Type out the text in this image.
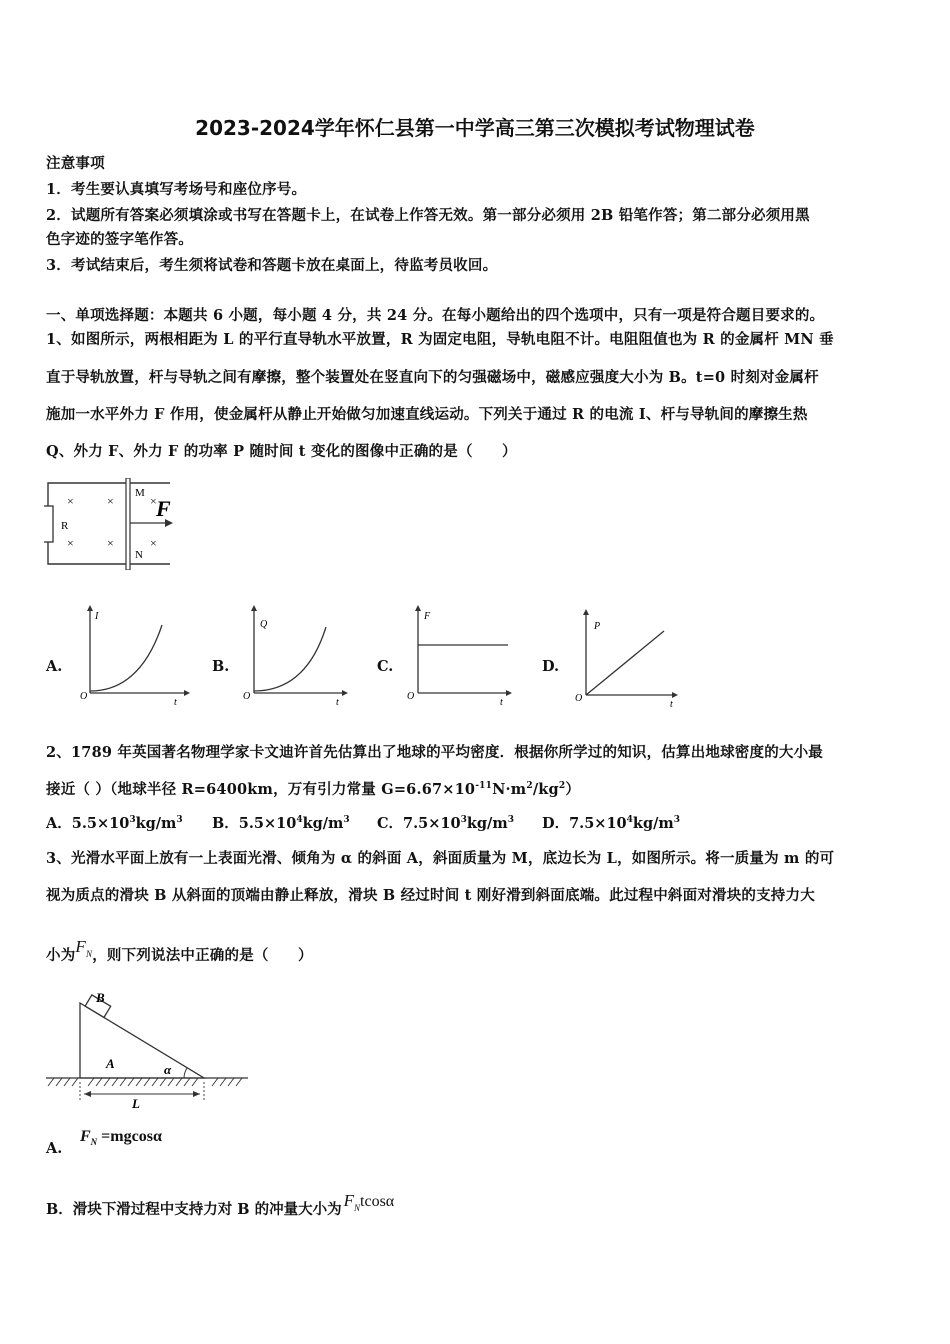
2023-2024学年怀仁县第一中学高三第三次模拟考试物理试卷
注意事项
1．考生要认真填写考场号和座位序号。
2．试题所有答案必须填涂或书写在答题卡上，在试卷上作答无效。第一部分必须用 2B 铅笔作答；第二部分必须用黑
色字迹的签字笔作答。
3．考试结束后，考生须将试卷和答题卡放在桌面上，待监考员收回。
一、单项选择题：本题共 6 小题，每小题 4 分，共 24 分。在每小题给出的四个选项中，只有一项是符合题目要求的。
1、如图所示，两根相距为 L 的平行直导轨水平放置，R 为固定电阻，导轨电阻不计。电阻阻值也为 R 的金属杆 MN 垂
直于导轨放置，杆与导轨之间有摩擦，整个装置处在竖直向下的匀强磁场中，磁感应强度大小为 B。t=0 时刻对金属杆
施加一水平外力 F 作用，使金属杆从静止开始做匀加速直线运动。下列关于通过 R 的电流 I、杆与导轨间的摩擦生热
Q、外力 F、外力 F 的功率 P 随时间 t 变化的图像中正确的是（　　）
R
×	×
×	×
×
×
M
N
F
A.
I
O
t
B.
Q
O
t
C.
F
O
t
D.
P
O
t
2、1789 年英国著名物理学家卡文迪许首先估算出了地球的平均密度．根据你所学过的知识，估算出地球密度的大小最
接近（ ）（地球半径 R=6400km，万有引力常量 $G=6.67\times 10^{-11}N\cdot m^2/kg^2$）
A．$5.5\times 10^3kg/m^3$ B．$5.5\times 10^4kg/m^3$ C．$7.5\times 10^3kg/m^3$ D．$7.5\times 10^4kg/m^3$
3、光滑水平面上放有一上表面光滑、倾角为 α 的斜面 A，斜面质量为 M，底边长为 L，如图所示。将一质量为 m 的可
视为质点的滑块 B 从斜面的顶端由静止释放，滑块 B 经过时间 t 刚好滑到斜面底端。此过程中斜面对滑块的支持力大
小为$F^N$，则下列说法中正确的是（　　）
B
A	α
L
A.
$F_N =mgcos\alpha$
B．滑块下滑过程中支持力对 B 的冲量大小为 $F^Ntcos\alpha$
